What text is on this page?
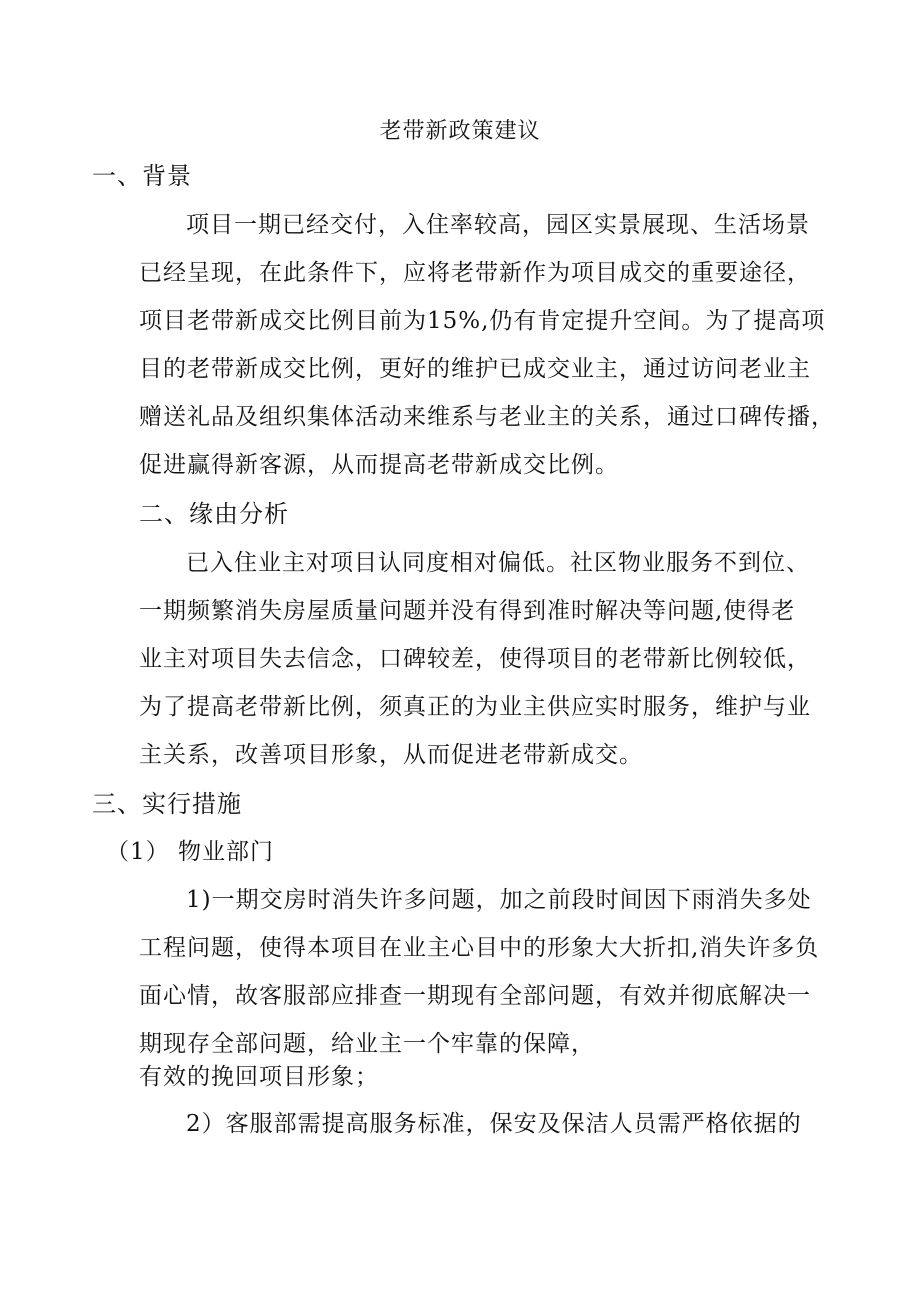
老带新政策建议
一、背景
项目一期已经交付，入住率较高，园区实景展现、生活场景
已经呈现，在此条件下，应将老带新作为项目成交的重要途径，
项目老带新成交比例目前为15%,仍有肯定提升空间。为了提高项
目的老带新成交比例，更好的维护已成交业主，通过访问老业主
赠送礼品及组织集体活动来维系与老业主的关系，通过口碑传播，
促进赢得新客源，从而提高老带新成交比例。
二、缘由分析
已入住业主对项目认同度相对偏低。社区物业服务不到位、
一期频繁消失房屋质量问题并没有得到准时解决等问题,使得老
业主对项目失去信念，口碑较差，使得项目的老带新比例较低，
为了提高老带新比例，须真正的为业主供应实时服务，维护与业
主关系，改善项目形象，从而促进老带新成交。
三、实行措施
（1） 物业部门
1)一期交房时消失许多问题，加之前段时间因下雨消失多处
工程问题，使得本项目在业主心目中的形象大大折扣,消失许多负
面心情，故客服部应排查一期现有全部问题，有效并彻底解决一
期现存全部问题，给业主一个牢靠的保障，
有效的挽回项目形象；
2）客服部需提高服务标准，保安及保洁人员需严格依据的
